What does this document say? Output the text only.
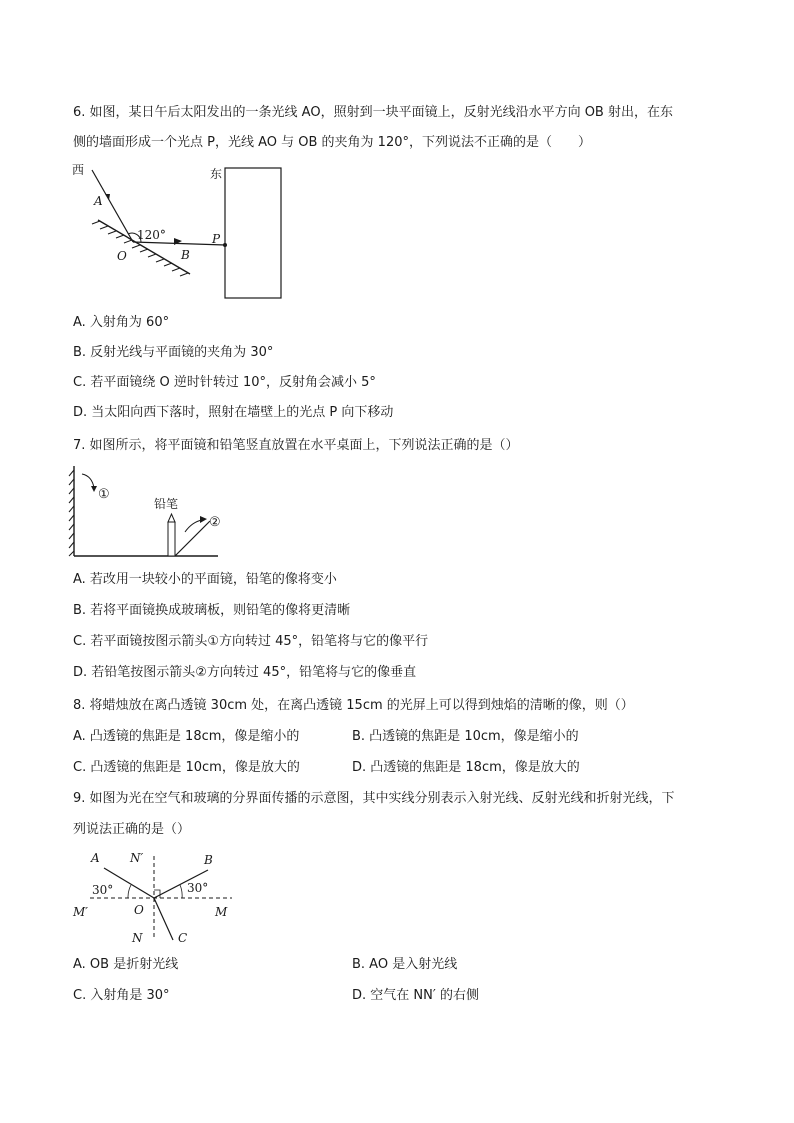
6. 如图，某日午后太阳发出的一条光线 AO，照射到一块平面镜上，反射光线沿水平方向 OB 射出，在东
侧的墙面形成一个光点 P，光线 AO 与 OB 的夹角为 120°，下列说法不正确的是（　　）
西	东
A
O	B
P
120°
A. 入射角为 60°
B. 反射光线与平面镜的夹角为 30°
C. 若平面镜绕 O 逆时针转过 10°，反射角会减小 5°
D. 当太阳向西下落时，照射在墙壁上的光点 P 向下移动
7. 如图所示，将平面镜和铅笔竖直放置在水平桌面上，下列说法正确的是（）
①
铅笔
②
A. 若改用一块较小的平面镜，铅笔的像将变小
B. 若将平面镜换成玻璃板，则铅笔的像将更清晰
C. 若平面镜按图示箭头①方向转过 45°，铅笔将与它的像平行
D. 若铅笔按图示箭头②方向转过 45°，铅笔将与它的像垂直
8. 将蜡烛放在离凸透镜 30cm 处，在离凸透镜 15cm 的光屏上可以得到烛焰的清晰的像，则（）
A. 凸透镜的焦距是 18cm，像是缩小的	B. 凸透镜的焦距是 10cm，像是缩小的
C. 凸透镜的焦距是 10cm，像是放大的	D. 凸透镜的焦距是 18cm，像是放大的
9. 如图为光在空气和玻璃的分界面传播的示意图，其中实线分别表示入射光线、反射光线和折射光线，下
列说法正确的是（）
A	N′	B
30°	30°
M′	O	M
N	C
A. OB 是折射光线	B. AO 是入射光线
C. 入射角是 30°	D. 空气在 NN′ 的右侧
